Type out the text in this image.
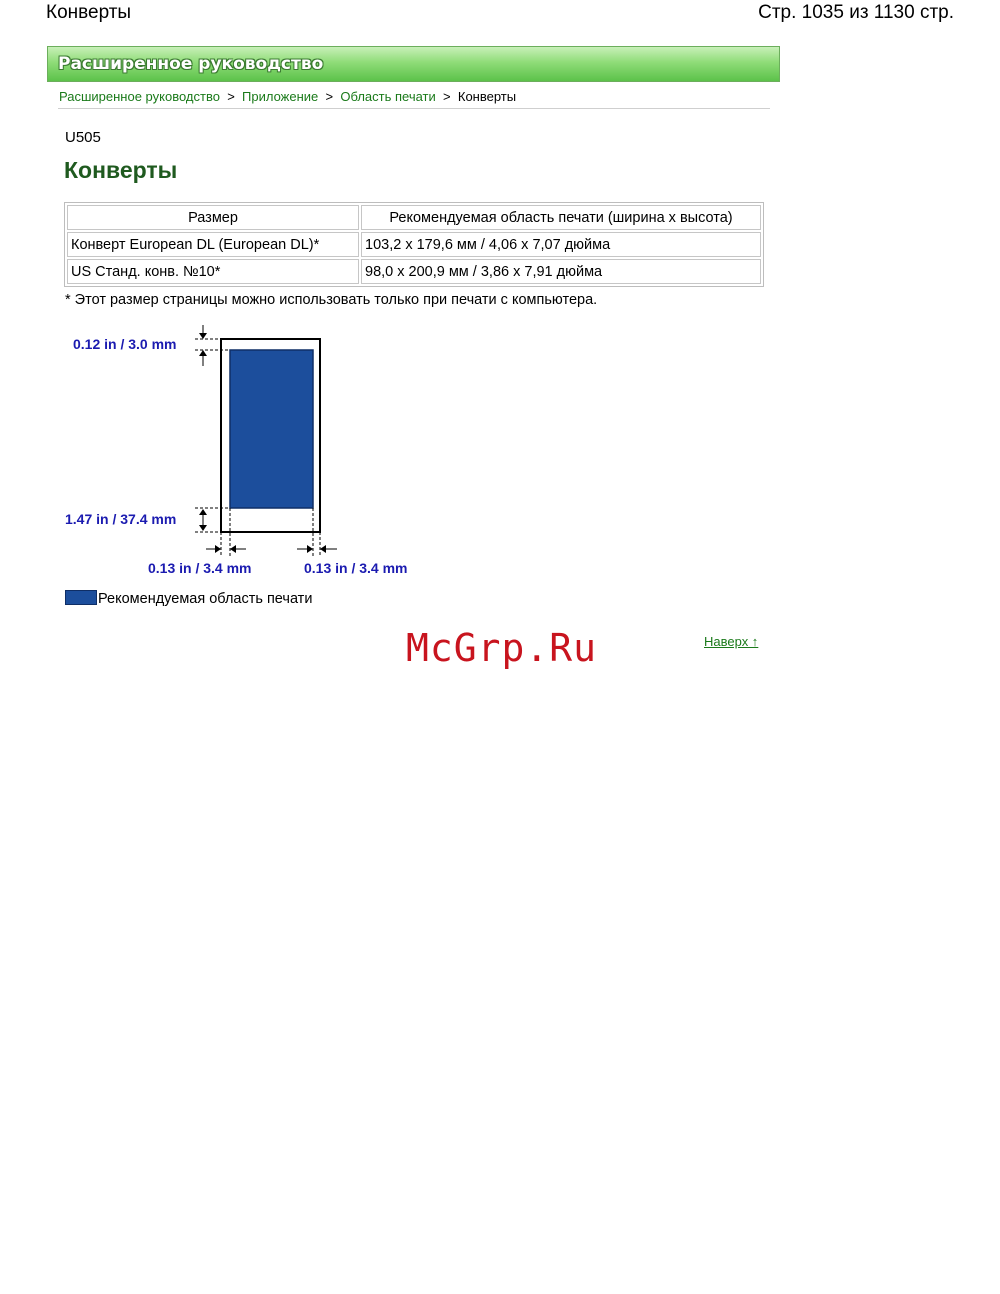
Конверты	Стр. 1035 из 1130 стр.
Расширенное руководство
Расширенное руководство > Приложение > Область печати > Конверты
U505
Конверты
Размер	Рекомендуемая область печати (ширина x высота)
Конверт European DL (European DL)*	103,2 x 179,6 мм / 4,06 x 7,07 дюйма
US Станд. конв. №10*	98,0 x 200,9 мм / 3,86 x 7,91 дюйма
* Этот размер страницы можно использовать только при печати с компьютера.
0.12 in / 3.0 mm
1.47 in / 37.4 mm
0.13 in / 3.4 mm	0.13 in / 3.4 mm
Рекомендуемая область печати
McGrp.Ru	Наверх ↑
